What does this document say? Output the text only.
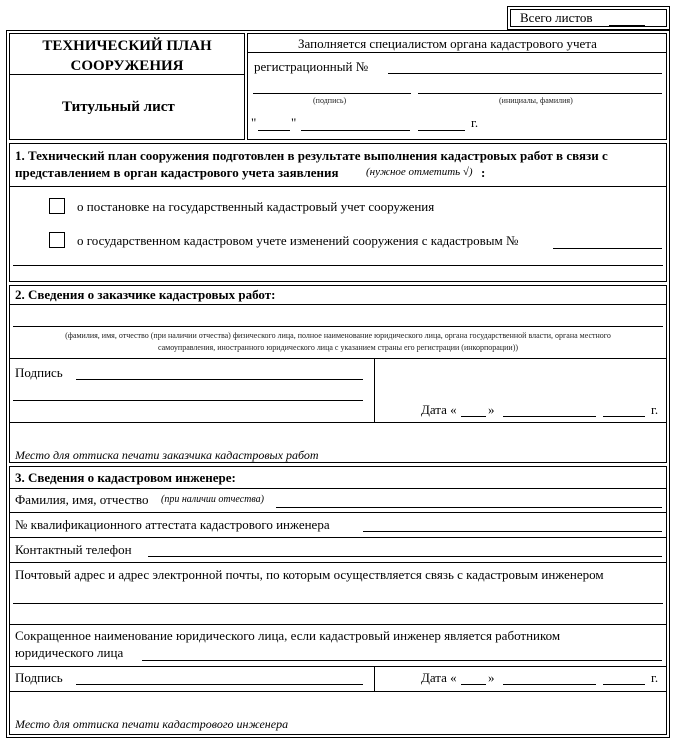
Всего листов
ТЕХНИЧЕСКИЙ ПЛАН СООРУЖЕНИЯ
Титульный лист
Заполняется специалистом органа кадастрового учета
регистрационный №
(подпись)	(инициалы, фамилия)
"	"	г.
1. Технический план сооружения подготовлен в результате выполнения кадастровых работ в связи с
представлением в орган кадастрового учета заявления (нужное отметить √) :
о постановке на государственный кадастровый учет сооружения
о государственном кадастровом учете изменений сооружения с кадастровым №
2. Сведения о заказчике кадастровых работ:
(фамилия, имя, отчество (при наличии отчества) физического лица, полное наименование юридического лица, органа государственной власти, органа местного
самоуправления, иностранного юридического лица с указанием страны его регистрации (инкорпорации))
Подпись
Дата « »	г.
Место для оттиска печати заказчика кадастровых работ
3. Сведения о кадастровом инженере:
Фамилия, имя, отчество (при наличии отчества)
№ квалификационного аттестата кадастрового инженера
Контактный телефон
Почтовый адрес и адрес электронной почты, по которым осуществляется связь с кадастровым инженером
Сокращенное наименование юридического лица, если кадастровый инженер является работником
юридического лица
Подпись	Дата « »	г.
Место для оттиска печати кадастрового инженера
